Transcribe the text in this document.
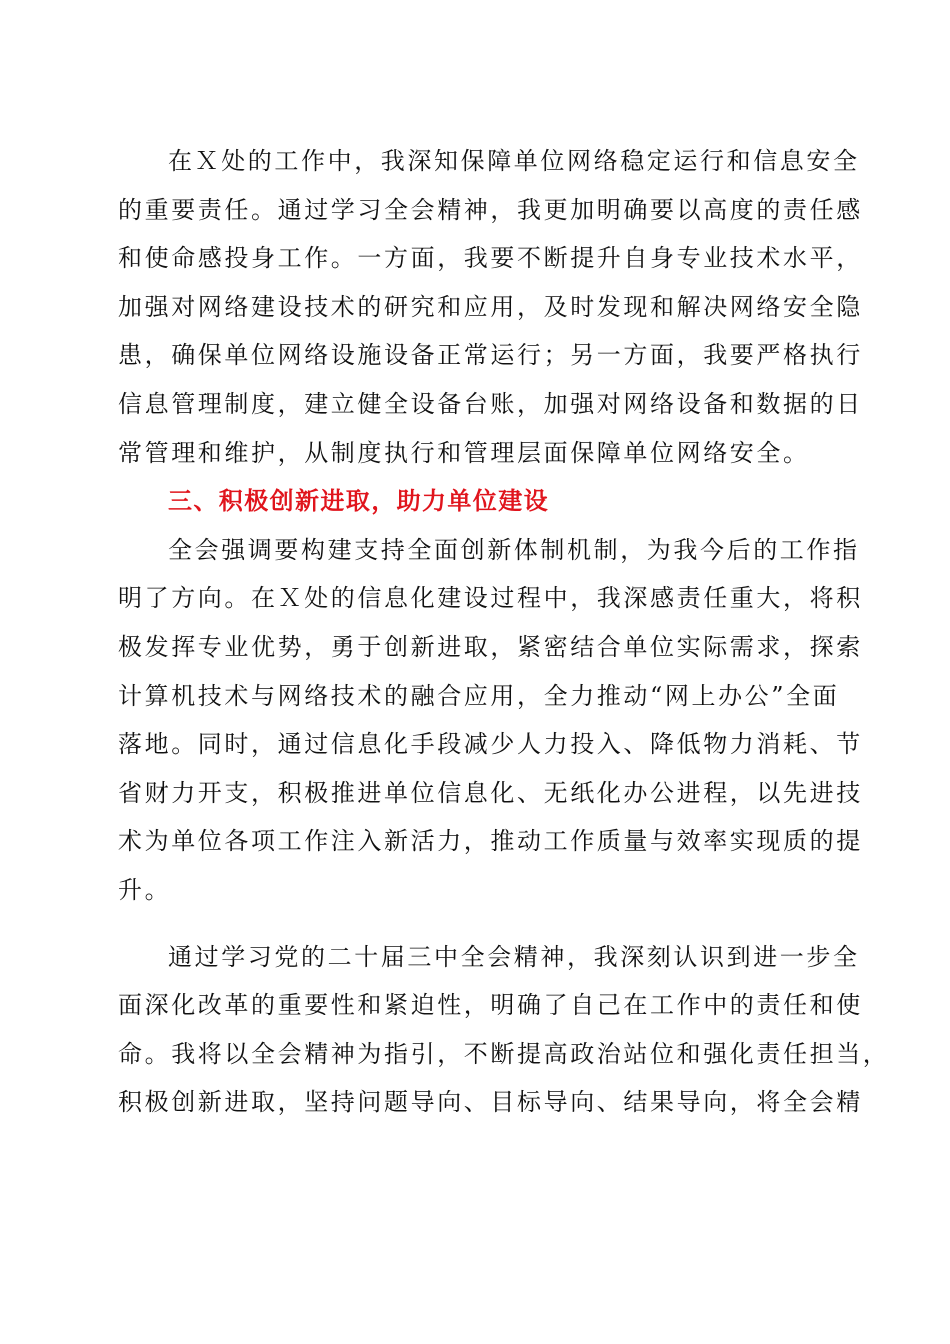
在Ｘ处的工作中，我深知保障单位网络稳定运行和信息安全
的重要责任。通过学习全会精神，我更加明确要以高度的责任感
和使命感投身工作。一方面，我要不断提升自身专业技术水平，
加强对网络建设技术的研究和应用，及时发现和解决网络安全隐
患，确保单位网络设施设备正常运行；另一方面，我要严格执行
信息管理制度，建立健全设备台账，加强对网络设备和数据的日
常管理和维护，从制度执行和管理层面保障单位网络安全。
三、积极创新进取，助力单位建设
全会强调要构建支持全面创新体制机制，为我今后的工作指
明了方向。在Ｘ处的信息化建设过程中，我深感责任重大，将积
极发挥专业优势，勇于创新进取，紧密结合单位实际需求，探索
计算机技术与网络技术的融合应用，全力推动“网上办公”全面
落地。同时，通过信息化手段减少人力投入、降低物力消耗、节
省财力开支，积极推进单位信息化、无纸化办公进程，以先进技
术为单位各项工作注入新活力，推动工作质量与效率实现质的提
升。
通过学习党的二十届三中全会精神，我深刻认识到进一步全
面深化改革的重要性和紧迫性，明确了自己在工作中的责任和使
命。我将以全会精神为指引，不断提高政治站位和强化责任担当，
积极创新进取，坚持问题导向、目标导向、结果导向，将全会精
